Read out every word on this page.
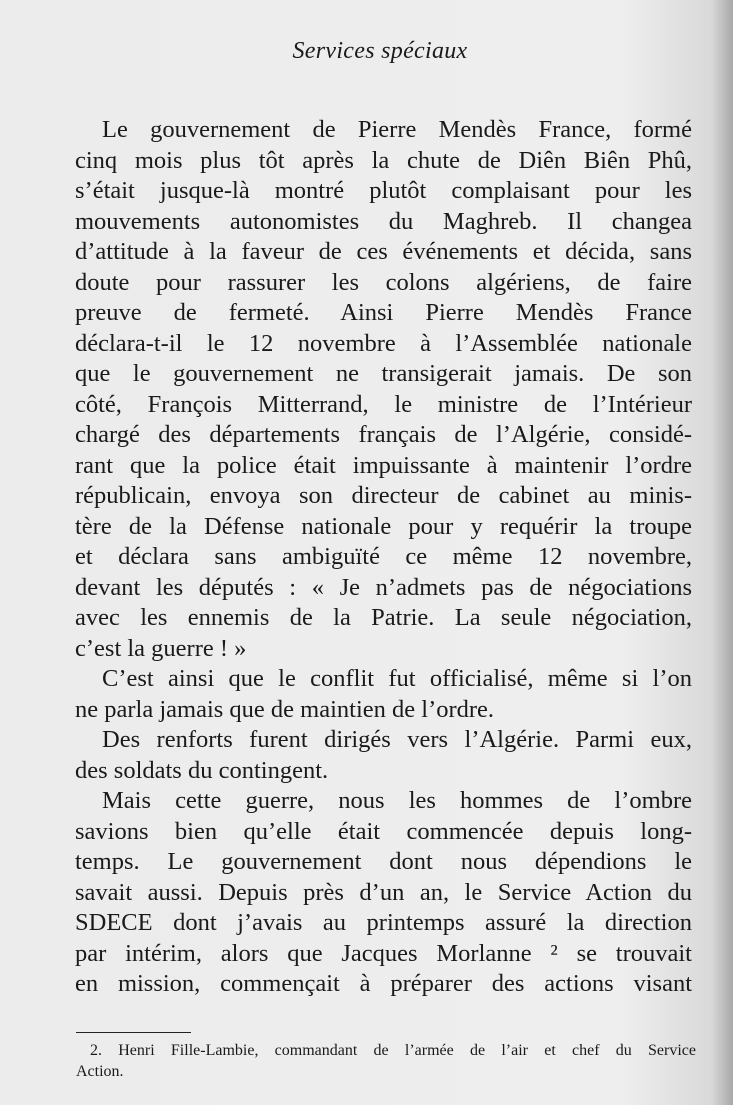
Services spéciaux
Le gouvernement de Pierre Mendès France, formé
cinq mois plus tôt après la chute de Diên Biên Phû,
s’était jusque-là montré plutôt complaisant pour les
mouvements autonomistes du Maghreb. Il changea
d’attitude à la faveur de ces événements et décida, sans
doute pour rassurer les colons algériens, de faire
preuve de fermeté. Ainsi Pierre Mendès France
déclara-t-il le 12 novembre à l’Assemblée nationale
que le gouvernement ne transigerait jamais. De son
côté, François Mitterrand, le ministre de l’Intérieur
chargé des départements français de l’Algérie, considé-
rant que la police était impuissante à maintenir l’ordre
républicain, envoya son directeur de cabinet au minis-
tère de la Défense nationale pour y requérir la troupe
et déclara sans ambiguïté ce même 12 novembre,
devant les députés : « Je n’admets pas de négociations
avec les ennemis de la Patrie. La seule négociation,
c’est la guerre ! »
C’est ainsi que le conflit fut officialisé, même si l’on
ne parla jamais que de maintien de l’ordre.
Des renforts furent dirigés vers l’Algérie. Parmi eux,
des soldats du contingent.
Mais cette guerre, nous les hommes de l’ombre
savions bien qu’elle était commencée depuis long-
temps. Le gouvernement dont nous dépendions le
savait aussi. Depuis près d’un an, le Service Action du
SDECE dont j’avais au printemps assuré la direction
par intérim, alors que Jacques Morlanne ² se trouvait
en mission, commençait à préparer des actions visant
2. Henri Fille-Lambie, commandant de l’armée de l’air et chef du Service
Action.
